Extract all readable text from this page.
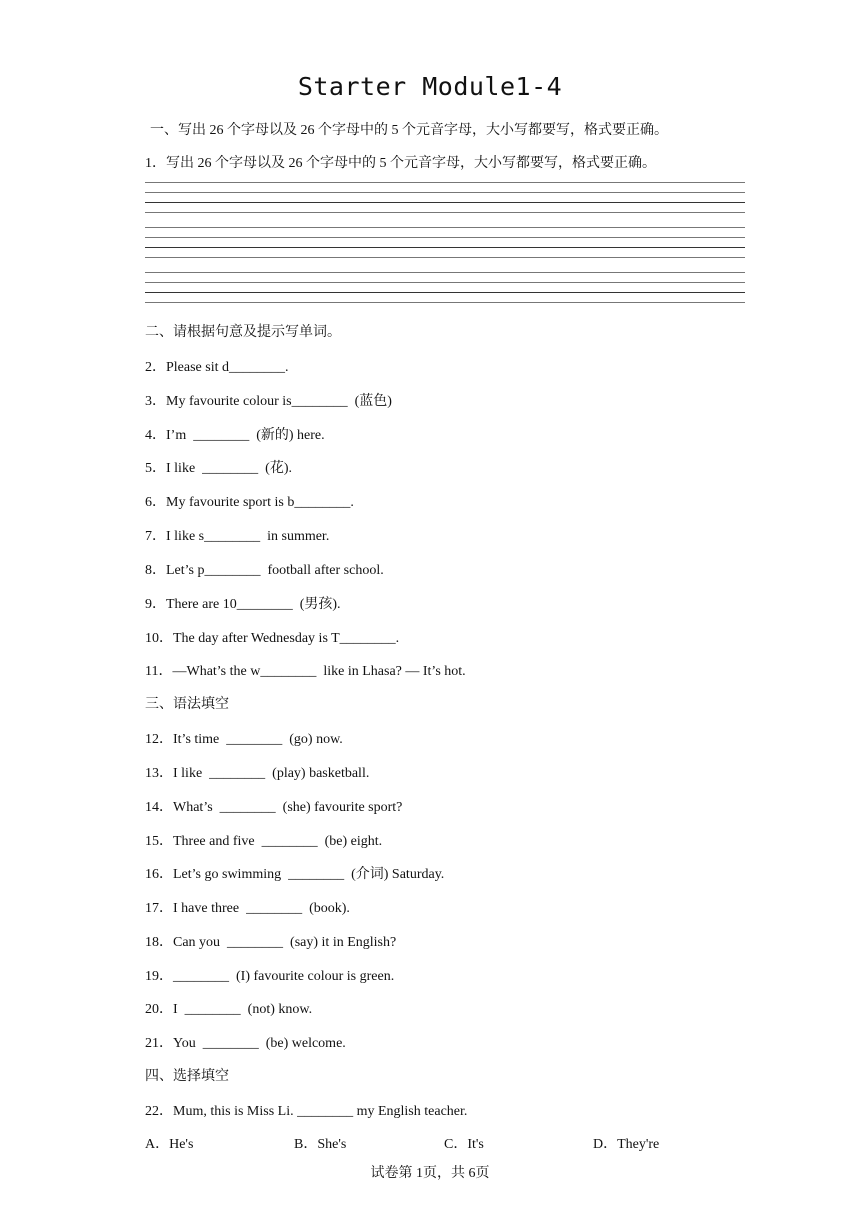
Starter Module1-4
一、写出 26 个字母以及 26 个字母中的 5 个元音字母，大小写都要写，格式要正确。
1．写出 26 个字母以及 26 个字母中的 5 个元音字母，大小写都要写，格式要正确。
二、请根据句意及提示写单词。
2．Please sit d________.
3．My favourite colour is________  (蓝色)
4．I’m  ________  (新的) here.
5．I like  ________  (花).
6．My favourite sport is b________.
7．I like s________  in summer.
8．Let’s p________  football after school.
9．There are 10________  (男孩).
10．The day after Wednesday is T________.
11．—What’s the w________  like in Lhasa? — It’s hot.
三、语法填空
12．It’s time  ________  (go) now.
13．I like  ________  (play) basketball.
14．What’s  ________  (she) favourite sport?
15．Three and five  ________  (be) eight.
16．Let’s go swimming  ________  (介词) Saturday.
17．I have three  ________  (book).
18．Can you  ________  (say) it in English?
19．________  (I) favourite colour is green.
20．I  ________  (not) know.
21．You  ________  (be) welcome.
四、选择填空
22．Mum, this is Miss Li. ________ my English teacher.
A．He's	B．She's	C．It's	D．They're
试卷第 1页，共 6页
